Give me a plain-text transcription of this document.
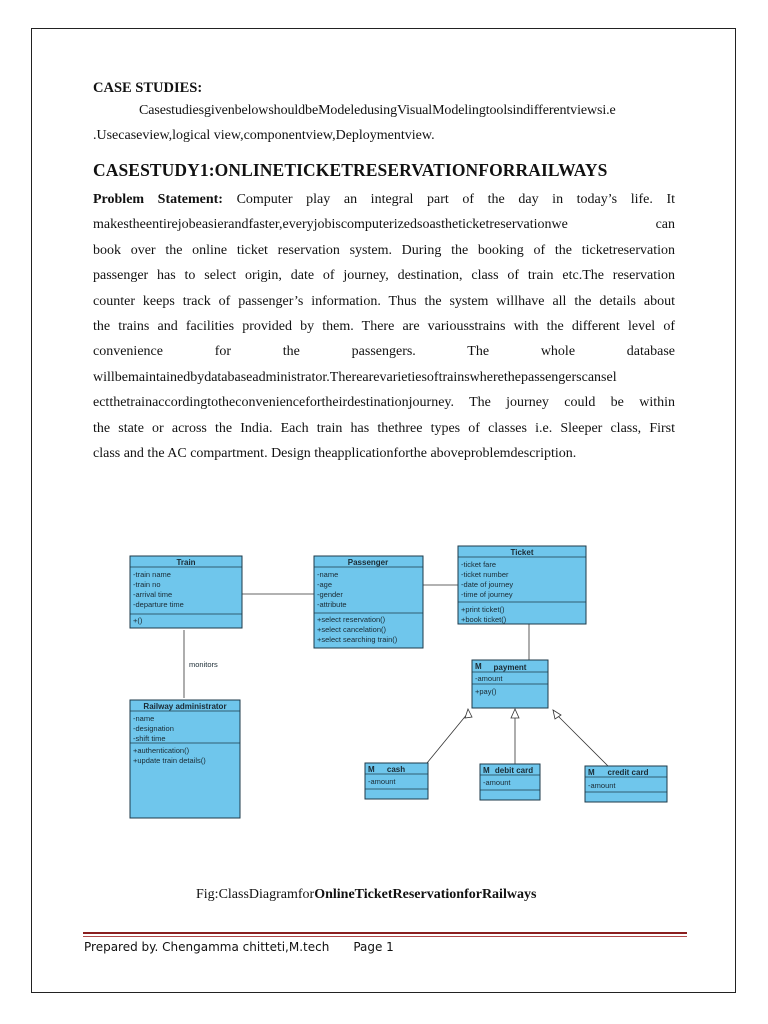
CASE STUDIES:
CasestudiesgivenbelowshouldbeModeledusingVisualModelingtoolsindifferentviewsi.e
.Usecaseview,logical view,componentview,Deploymentview.
CASESTUDY1:ONLINETICKETRESERVATIONFORRAILWAYS
Problem Statement: Computer play an integral part of the day in today’s life. It
makestheentirejobeasierandfaster,everyjobiscomputerizedsoastheticketreservationwe can
book over the online ticket reservation system. During the booking of the ticketreservation
passenger has to select origin, date of journey, destination, class of train etc.The reservation
counter keeps track of passenger’s information. Thus the system willhave all the details about
the trains and facilities provided by them. There are variousstrains with the different level of
convenience for the passengers. The whole database
willbemaintainedbydatabaseadministrator.Therearevarietiesoftrainswherethepassengerscansel
ectthetrainaccordingtotheconveniencefortheirdestinationjourney. The journey could be within
the state or across the India. Each train has thethree types of classes i.e. Sleeper class, First
class and the AC compartment. Design theapplicationforthe aboveproblemdescription.
monitors
Train
-train name
-train no
-arrival time
-departure time
+()
Passenger
-name
-age
-gender
-attribute
+select reservation()
+select cancelation()
+select searching train()
Ticket
-ticket fare
-ticket number
-date of journey
-time of journey
+print ticket()
+book ticket()
Railway administrator
-name
-designation
-shift time
+authentication()
+update train details()
M payment
-amount
+pay()
M cash
-amount
M debit card
-amount
M credit card
-amount
Fig:ClassDiagramforOnlineTicketReservationforRailways
Prepared by. Chengamma chitteti,M.tech Page 1
